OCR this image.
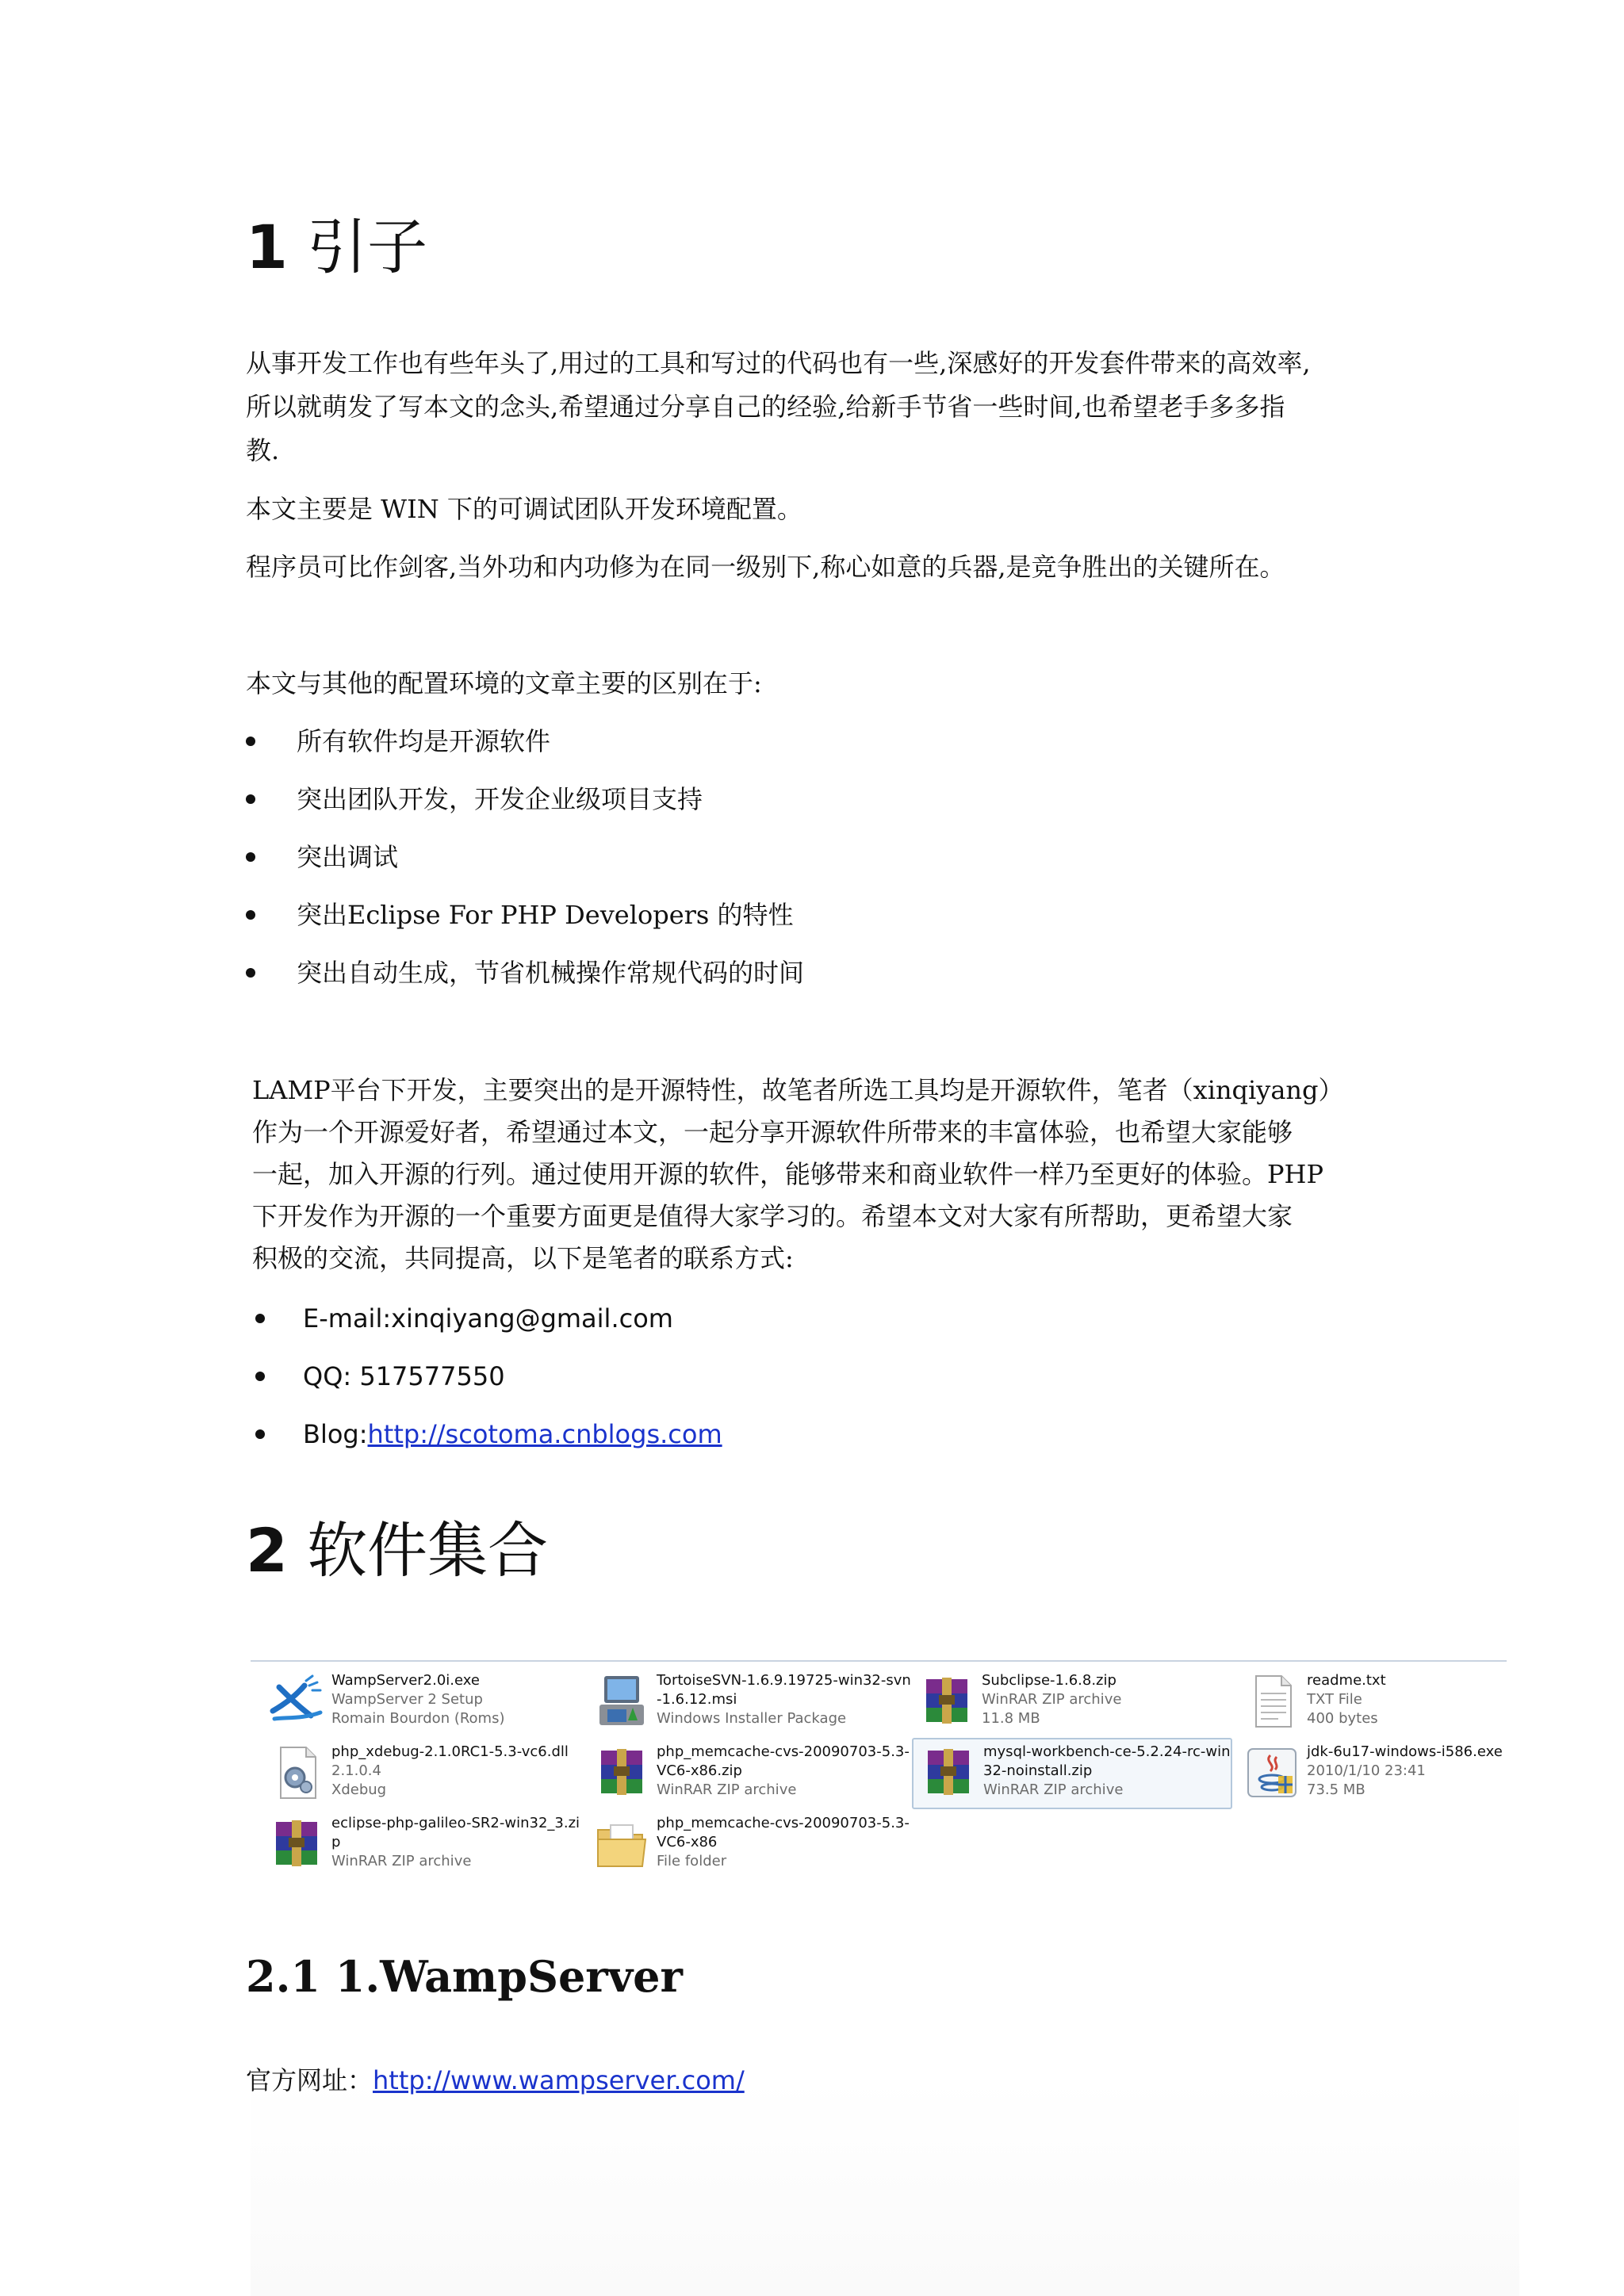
1 引子
从事开发工作也有些年头了,用过的工具和写过的代码也有一些,深感好的开发套件带来的高效率,
所以就萌发了写本文的念头,希望通过分享自己的经验,给新手节省一些时间,也希望老手多多指
教.
本文主要是 WIN 下的可调试团队开发环境配置。
程序员可比作剑客,当外功和内功修为在同一级别下,称心如意的兵器,是竞争胜出的关键所在。
本文与其他的配置环境的文章主要的区别在于:
所有软件均是开源软件
突出团队开发，开发企业级项目支持
突出调试
突出Eclipse For PHP Developers 的特性
突出自动生成，节省机械操作常规代码的时间
LAMP平台下开发，主要突出的是开源特性，故笔者所选工具均是开源软件，笔者（xinqiyang）
作为一个开源爱好者，希望通过本文，一起分享开源软件所带来的丰富体验，也希望大家能够
一起，加入开源的行列。通过使用开源的软件，能够带来和商业软件一样乃至更好的体验。PHP
下开发作为开源的一个重要方面更是值得大家学习的。希望本文对大家有所帮助，更希望大家
积极的交流，共同提高，以下是笔者的联系方式:
E-mail:xinqiyang@gmail.com
QQ: 517577550
Blog:http://scotoma.cnblogs.com
2 软件集合
WampServer2.0i.exe
WampServer 2 Setup
Romain Bourdon (Roms)
TortoiseSVN-1.6.9.19725-win32-svn
-1.6.12.msi
Windows Installer Package
Subclipse-1.6.8.zip
WinRAR ZIP archive
11.8 MB
readme.txt
TXT File
400 bytes
php_xdebug-2.1.0RC1-5.3-vc6.dll
2.1.0.4
Xdebug
php_memcache-cvs-20090703-5.3-
VC6-x86.zip
WinRAR ZIP archive
mysql-workbench-ce-5.2.24-rc-win
32-noinstall.zip
WinRAR ZIP archive
jdk-6u17-windows-i586.exe
2010/1/10 23:41
73.5 MB
eclipse-php-galileo-SR2-win32_3.zi
p
WinRAR ZIP archive
php_memcache-cvs-20090703-5.3-
VC6-x86
File folder
2.1 1.WampServer
官方网址：http://www.wampserver.com/
